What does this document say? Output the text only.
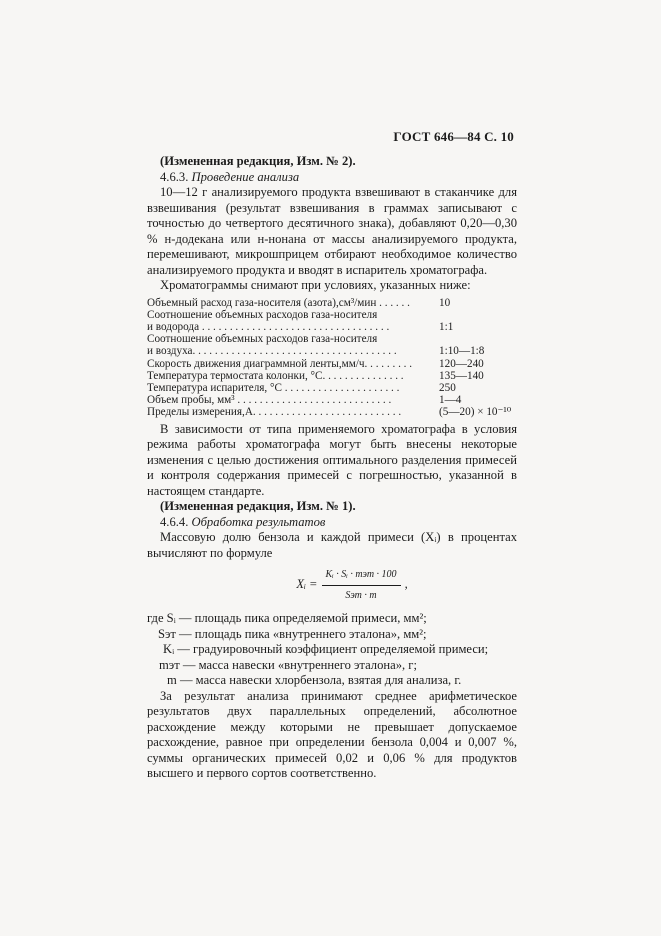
ГОСТ 646—84 С. 10

(Измененная редакция, Изм. № 2).

4.6.3. Проведение анализа

10—12 г анализируемого продукта взвешивают в стаканчике для взвешивания (результат взвешивания в граммах записывают с точностью до четвертого десятичного знака), добавляют 0,20—0,30 % н-додекана или н-нонана от массы анализируемого продукта, перемешивают, микрошприцем отбирают необходимое количество анализируемого продукта и вводят в испаритель хроматографа.

Хроматограммы снимают при условиях, указанных ниже:

Объемный расход газа-носителя (азота),см³/мин . . . . . .	10
Соотношение объемных расходов газа-носителя
и водорода . . . . . . . . . . . . . . . . . . . . . . . . . . . . . . . . . .	1:1
Соотношение объемных расходов газа-носителя
и воздуха. . . . . . . . . . . . . . . . . . . . . . . . . . . . . . . . . . . . .	1:10—1:8
Скорость движения диаграммной ленты,мм/ч. . . . . . . . .	120—240
Температура термостата колонки, °С. . . . . . . . . . . . . . .	135—140
Температура испарителя, °С . . . . . . . . . . . . . . . . . . . . .	250
Объем пробы, мм³ . . . . . . . . . . . . . . . . . . . . . . . . . . . .	1—4
Пределы измерения,А. . . . . . . . . . . . . . . . . . . . . . . . . . .	(5—20) × 10⁻¹⁰

В зависимости от типа применяемого хроматографа в условия режима работы хроматографа могут быть внесены некоторые изменения с целью достижения оптимального разделения примесей и контроля содержания примесей с погрешностью, указанной в настоящем стандарте.

(Измененная редакция, Изм. № 1).

4.6.4. Обработка результатов

Массовую долю бензола и каждой примеси (Xᵢ) в процентах вычисляют по формуле

Xᵢ = $\frac{\text{Kᵢ · Sᵢ · mэт · 100}}{\text{Sэт · m}}$ ,

где Sᵢ — площадь пика определяемой примеси, мм²;

Sэт — площадь пика «внутреннего эталона», мм²;

Kᵢ — градуировочный коэффициент определяемой примеси;

mэт — масса навески «внутреннего эталона», г;

m — масса навески хлорбензола, взятая для анализа, г.

За результат анализа принимают среднее арифметическое результатов двух параллельных определений, абсолютное расхождение между которыми не превышает допускаемое расхождение, равное при определении бензола 0,004 и 0,007 %, суммы органических примесей 0,02 и 0,06 % для продуктов высшего и первого сортов соответственно.
